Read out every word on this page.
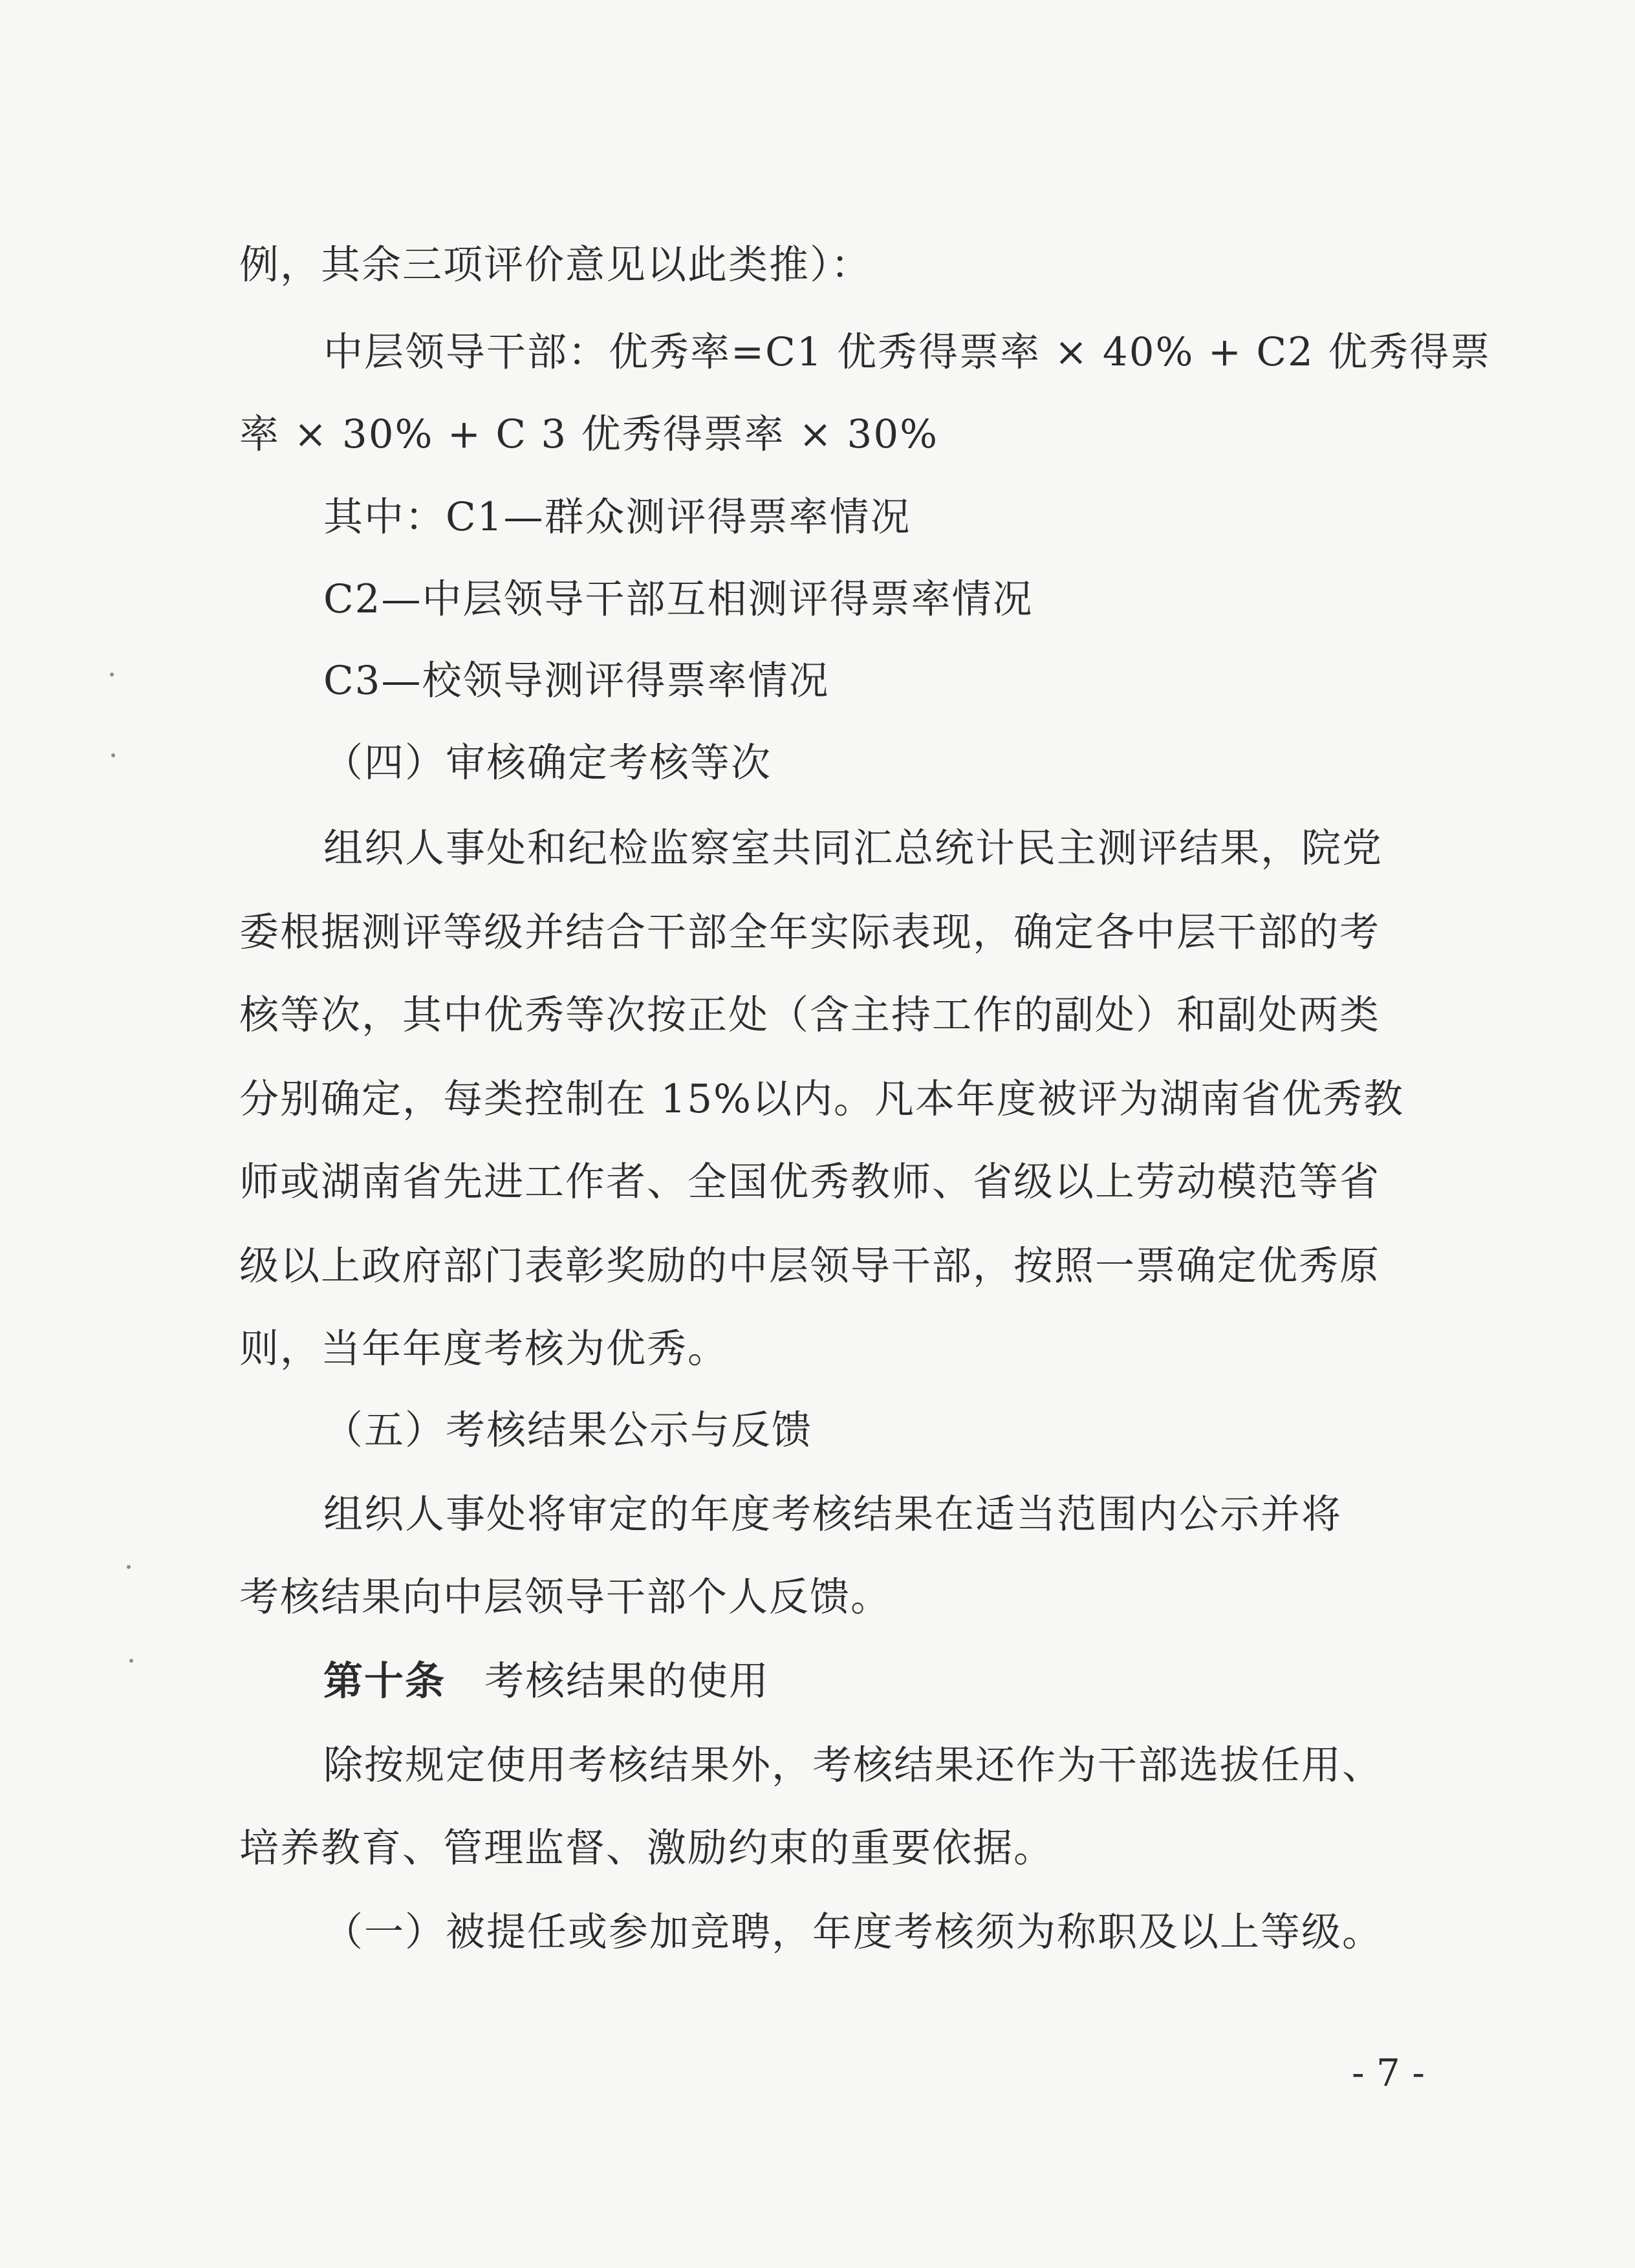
例，其余三项评价意见以此类推）：
中层领导干部：优秀率=C1 优秀得票率 × 40% + C2 优秀得票
率 × 30% + C 3 优秀得票率 × 30%
其中：C1—群众测评得票率情况
C2—中层领导干部互相测评得票率情况
C3—校领导测评得票率情况
（四）审核确定考核等次
组织人事处和纪检监察室共同汇总统计民主测评结果，院党
委根据测评等级并结合干部全年实际表现，确定各中层干部的考
核等次，其中优秀等次按正处（含主持工作的副处）和副处两类
分别确定，每类控制在 15%以内。凡本年度被评为湖南省优秀教
师或湖南省先进工作者、全国优秀教师、省级以上劳动模范等省
级以上政府部门表彰奖励的中层领导干部，按照一票确定优秀原
则，当年年度考核为优秀。
（五）考核结果公示与反馈
组织人事处将审定的年度考核结果在适当范围内公示并将
考核结果向中层领导干部个人反馈。
第十条 考核结果的使用
除按规定使用考核结果外，考核结果还作为干部选拔任用、
培养教育、管理监督、激励约束的重要依据。
（一）被提任或参加竞聘，年度考核须为称职及以上等级。
- 7 -
